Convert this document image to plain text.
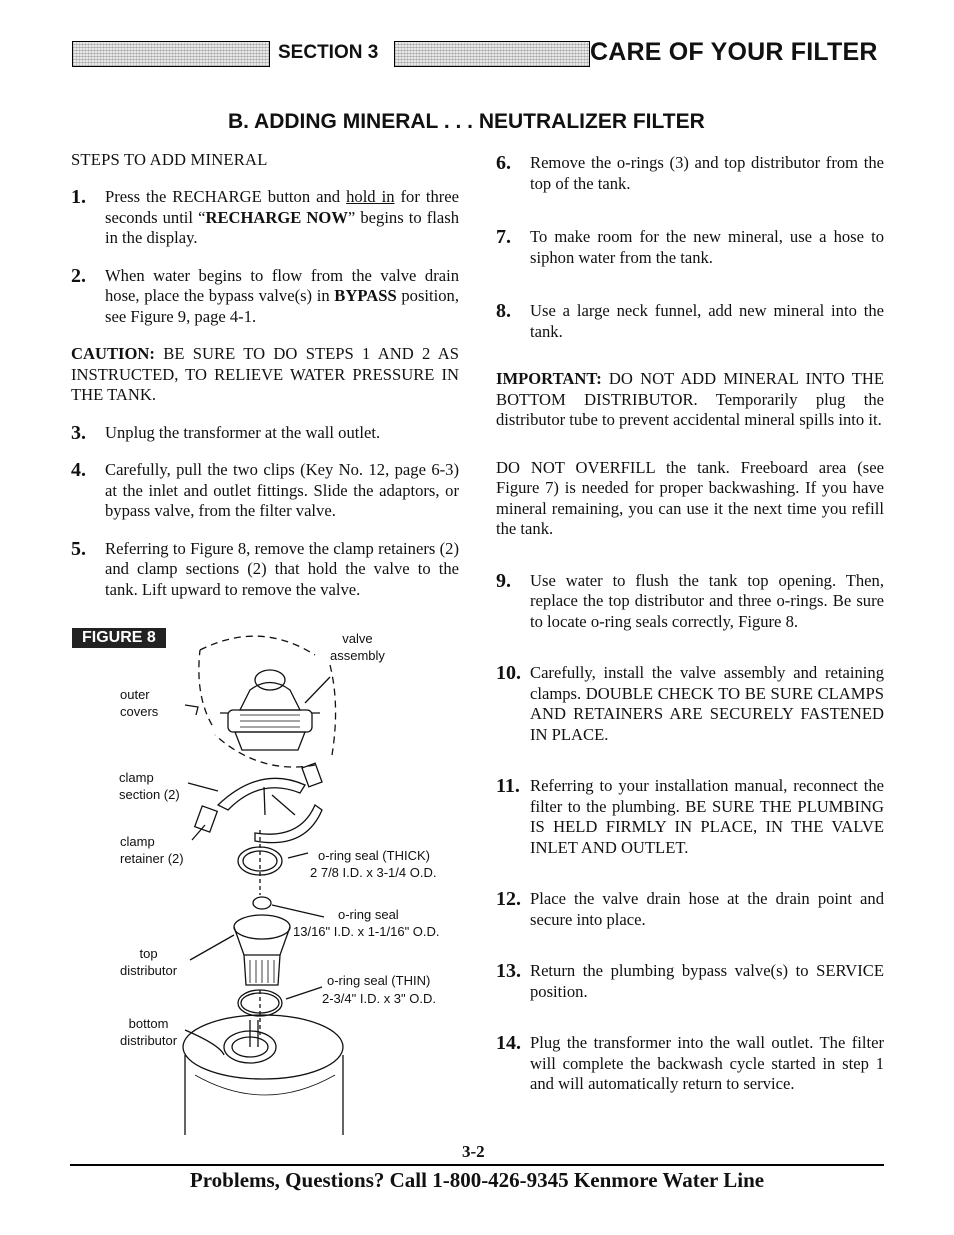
SECTION 3	CARE OF YOUR FILTER
B. ADDING MINERAL . . . NEUTRALIZER FILTER
STEPS TO ADD MINERAL
1.	Press the RECHARGE button and hold in for three seconds until “RECHARGE NOW” begins to flash in the display.
2.	When water begins to flow from the valve drain hose, place the bypass valve(s) in BYPASS position, see Figure 9, page 4-1.
CAUTION: BE SURE TO DO STEPS 1 AND 2 AS INSTRUCTED, TO RELIEVE WATER PRESSURE IN THE TANK.
3.	Unplug the transformer at the wall outlet.
4.	Carefully, pull the two clips (Key No. 12, page 6-3) at the inlet and outlet fittings. Slide the adaptors, or bypass valve, from the filter valve.
5.	Referring to Figure 8, remove the clamp retainers (2) and clamp sections (2) that hold the valve to the tank. Lift upward to remove the valve.
FIGURE 8	valve
assembly
outer
covers
clamp
section (2)
clamp
retainer (2)	o-ring seal (THICK)
2 7/8 I.D. x 3-1/4 O.D.
o-ring seal
13/16" I.D. x 1-1/16" O.D.
top
distributor
o-ring seal (THIN)
2-3/4" I.D. x 3" O.D.
bottom
distributor
6.	Remove the o-rings (3) and top distributor from the top of the tank.
7.	To make room for the new mineral, use a hose to siphon water from the tank.
8.	Use a large neck funnel, add new mineral into the tank.
IMPORTANT: DO NOT ADD MINERAL INTO THE BOTTOM DISTRIBUTOR. Temporarily plug the distributor tube to prevent accidental mineral spills into it.
DO NOT OVERFILL the tank. Freeboard area (see Figure 7) is needed for proper backwashing. If you have mineral remaining, you can use it the next time you refill the tank.
9.	Use water to flush the tank top opening. Then, replace the top distributor and three o-rings. Be sure to locate o-ring seals correctly, Figure 8.
10. Carefully, install the valve assembly and retaining clamps. DOUBLE CHECK TO BE SURE CLAMPS AND RETAINERS ARE SECURELY FASTENED IN PLACE.
11. Referring to your installation manual, reconnect the filter to the plumbing. BE SURE THE PLUMBING IS HELD FIRMLY IN PLACE, IN THE VALVE INLET AND OUTLET.
12. Place the valve drain hose at the drain point and secure into place.
13. Return the plumbing bypass valve(s) to SERVICE position.
14. Plug the transformer into the wall outlet. The filter will complete the backwash cycle started in step 1 and will automatically return to service.
3-2
Problems, Questions? Call 1-800-426-9345 Kenmore Water Line
